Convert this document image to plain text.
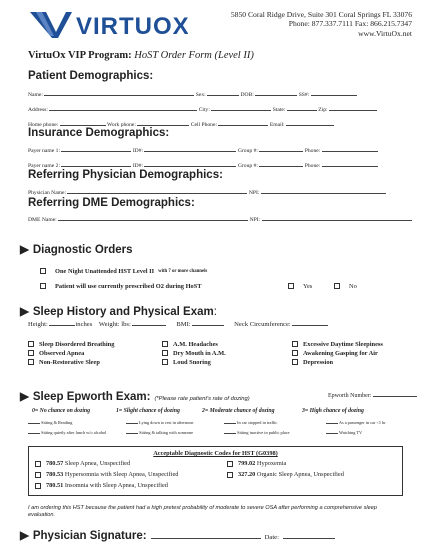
VIRTUOX	5850 Coral Ridge Drive, Suite 301 Coral Springs FL 33076
Phone: 877.337.7111 Fax: 866.215.7347
www.VirtuOx.net
VirtuOx VIP Program: HoST Order Form (Level II)
Patient Demographics:
Name:	Sex:	DOB:	SS#:
Address:	City:	State:	Zip:
Home phone:	Work phone:	Cell Phone:	Email:
Insurance Demographics:
Payer name 1:	ID#:	Group #:	Phone:
Payer name 2:	ID#:	Group #:	Phone:
Referring Physician Demographics:
Physician Name:	NPI:
Referring DME Demographics:
DME Name:	NPI:
▶ Diagnostic Orders
One Night Unattended HST Level II with 7 or more channels
Patient will use currently prescribed O2 during HoST	Yes	No
▶ Sleep History and Physical Exam:
Height:	inches Weight: lbs:	BMI:	Neck Circumference:
Sleep Disordered Breathing
Observed Apnea
Non-Restorative Sleep
A.M. Headaches
Dry Mouth in A.M.
Loud Snoring
Excessive Daytime Sleepiness
Awakening Gasping for Air
Depression
▶ Sleep Epworth Exam: (*Please rate patient's rate of dozing)	Epworth Number:
0= No chance on dozing	1= Slight chance of dozing	2= Moderate chance of dozing	3= High chance of dozing
Sitting & Reading	Lying down to rest in afternoon	In car stopped in traffic	As a passenger in car <1 hr
Sitting quietly after lunch w/o alcohol	Sitting & talking with someone	Sitting inactive in public place	Watching TV
Acceptable Diagnostic Codes for HST (G0398)
780.57 Sleep Apnea, Unspecified
780.53 Hypersomnia with Sleep Apnea, Unspecified
780.51 Insomnia with Sleep Apnea, Unspecified
799.02 Hypoxemia
327.20 Organic Sleep Apnea, Unspecified
I am ordering this HST because the patient had a high pretest probability of moderate to severe OSA after performing a comprehensive sleep evaluation.
▶ Physician Signature:	Date:
